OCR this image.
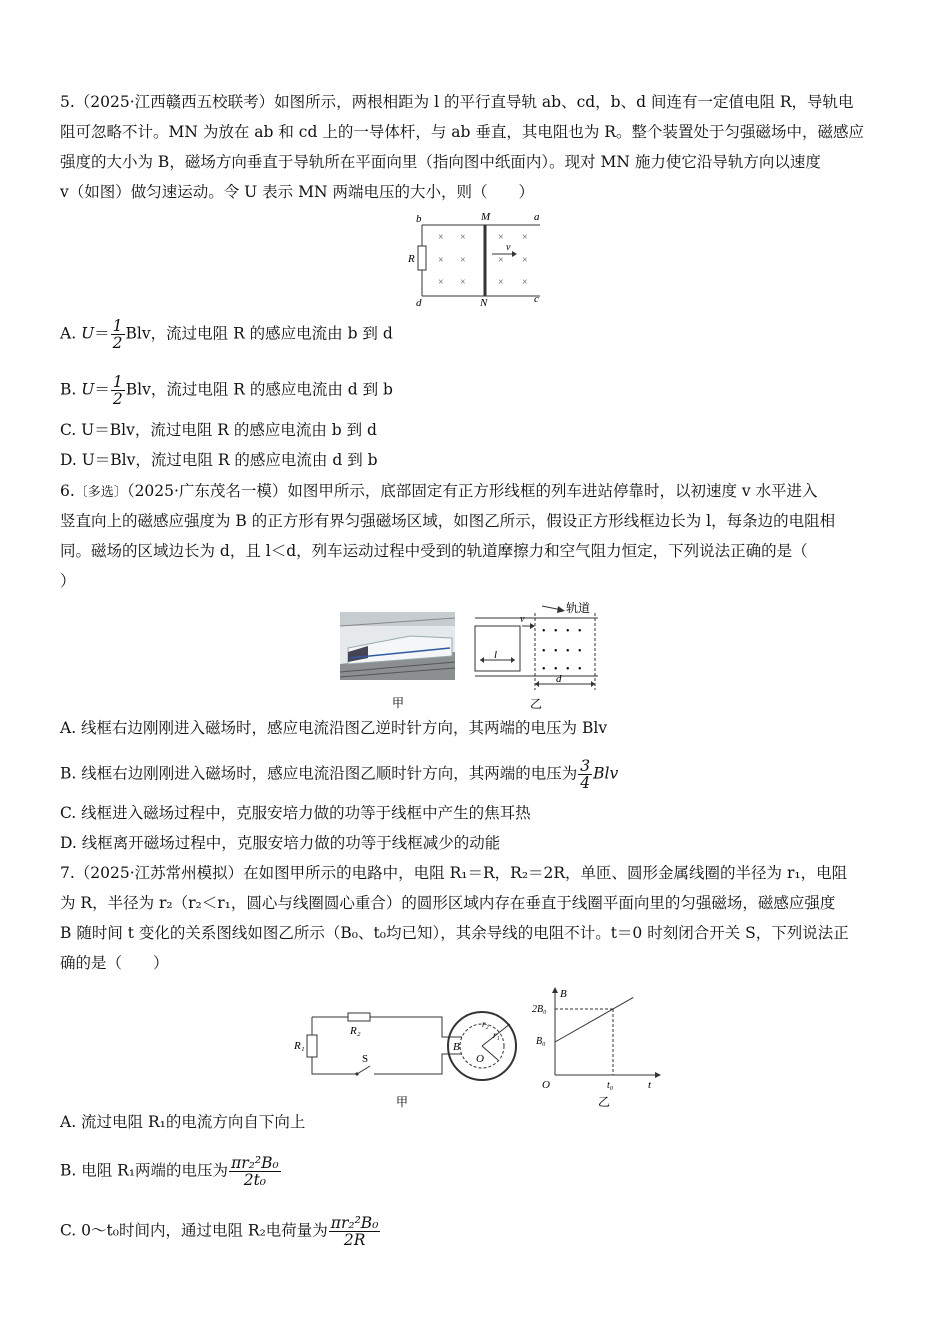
5.（2025·江西赣西五校联考）如图所示，两根相距为 l 的平行直导轨 ab、cd，b、d 间连有一定值电阻 R，导轨电
阻可忽略不计。MN 为放在 ab 和 cd 上的一导体杆，与 ab 垂直，其电阻也为 R。整个装置处于匀强磁场中，磁感应
强度的大小为 B，磁场方向垂直于导轨所在平面向里（指向图中纸面内）。现对 MN 施力使它沿导轨方向以速度
v（如图）做匀速运动。令 U 表示 MN 两端电压的大小，则（　　）
b	M	a
R
v
d	N	c
× ×	× ×
× ×	× ×
× ×	× ×
A. $U= \frac{1}{2}$ Blv，流过电阻 R 的感应电流由 b 到 d
B. $U= \frac{1}{2}$ Blv，流过电阻 R 的感应电流由 d 到 b
C. U＝Blv，流过电阻 R 的感应电流由 b 到 d
D. U＝Blv，流过电阻 R 的感应电流由 d 到 b
6.〔多选〕（2025·广东茂名一模）如图甲所示，底部固定有正方形线框的列车进站停靠时，以初速度 v 水平进入
竖直向上的磁感应强度为 B 的正方形有界匀强磁场区域，如图乙所示，假设正方形线框边长为 l，每条边的电阻相
同。磁场的区域边长为 d，且 l＜d，列车运动过程中受到的轨道摩擦力和空气阻力恒定，下列说法正确的是（
）
甲
轨道
v
l
• • • •
• • • •
• • • •
d
乙
A. 线框右边刚刚进入磁场时，感应电流沿图乙逆时针方向，其两端的电压为 Blv
B. 线框右边刚刚进入磁场时，感应电流沿图乙顺时针方向，其两端的电压为 $\frac{3}{4}$ Blv
C. 线框进入磁场过程中，克服安培力做的功等于线框中产生的焦耳热
D. 线框离开磁场过程中，克服安培力做的功等于线框减少的动能
7.（2025·江苏常州模拟）在如图甲所示的电路中，电阻 R₁＝R，R₂＝2R，单匝、圆形金属线圈的半径为 r₁，电阻
为 R，半径为 r₂（r₂＜r₁，圆心与线圈圆心重合）的圆形区域内存在垂直于线圈平面向里的匀强磁场，磁感应强度
B 随时间 t 变化的关系图线如图乙所示（B₀、t₀均已知），其余导线的电阻不计。t＝0 时刻闭合开关 S，下列说法正
确的是（　　）
R₁
R₂
S
B
O
r₁
r₂
甲
B
t
2B₀
B₀
O	t₀
乙
A. 流过电阻 R₁的电流方向自下向上
B. 电阻 R₁两端的电压为 $\frac{\text{πr₂²B₀}}{\text{2t₀}}$
C. 0～t₀时间内，通过电阻 R₂电荷量为 $\frac{\text{πr₂²B₀}}{2R}$
